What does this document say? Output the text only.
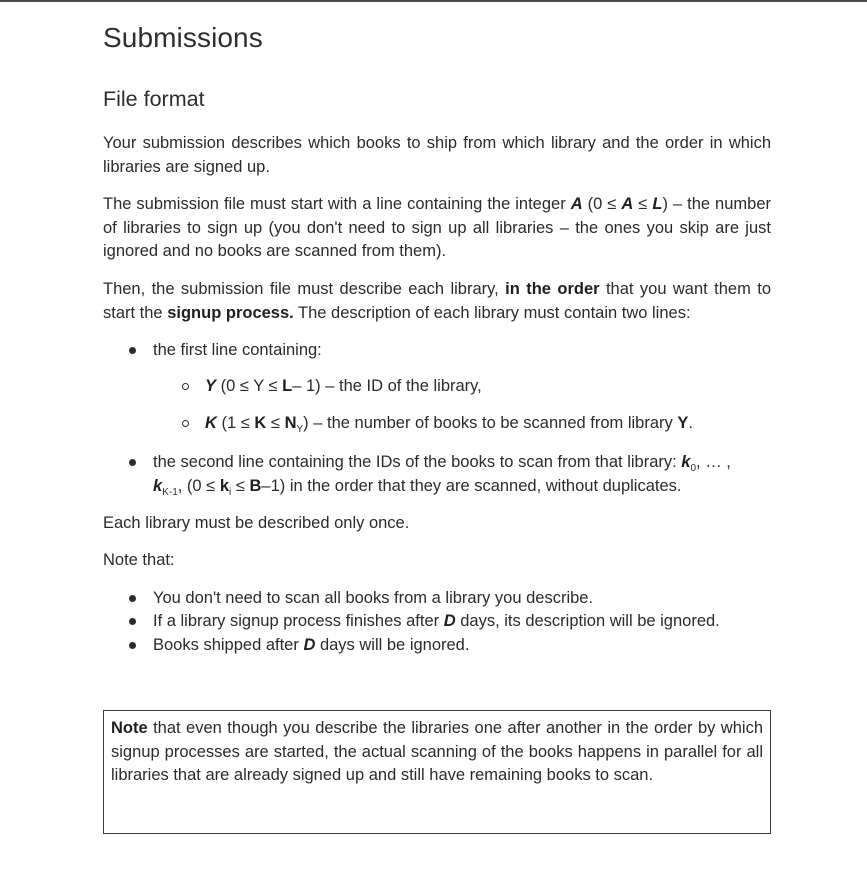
Submissions
File format

Your submission describes which books to ship from which library and the order in which libraries are signed up.

The submission file must start with a line containing the integer A (0 ≤ A ≤ L) – the number of libraries to sign up (you don't need to sign up all libraries – the ones you skip are just ignored and no books are scanned from them).

Then, the submission file must describe each library, in the order that you want them to start the signup process. The description of each library must contain two lines:

the first line containing:

Y (0 ≤ Y ≤ L– 1) – the ID of the library,

K $(1 \le K \le N_Y)$ – the number of books to be scanned from library Y.

the second line containing the IDs of the books to scan from that library: $k_0$, … ,
$k_{K-1}$, $(0 \le k_i \le B-1)$ in the order that they are scanned, without duplicates.

Each library must be described only once.

Note that:

You don't need to scan all books from a library you describe.

If a library signup process finishes after D days, its description will be ignored.

Books shipped after D days will be ignored.

Note that even though you describe the libraries one after another in the order by which signup processes are started, the actual scanning of the books happens in parallel for all libraries that are already signed up and still have remaining books to scan.
